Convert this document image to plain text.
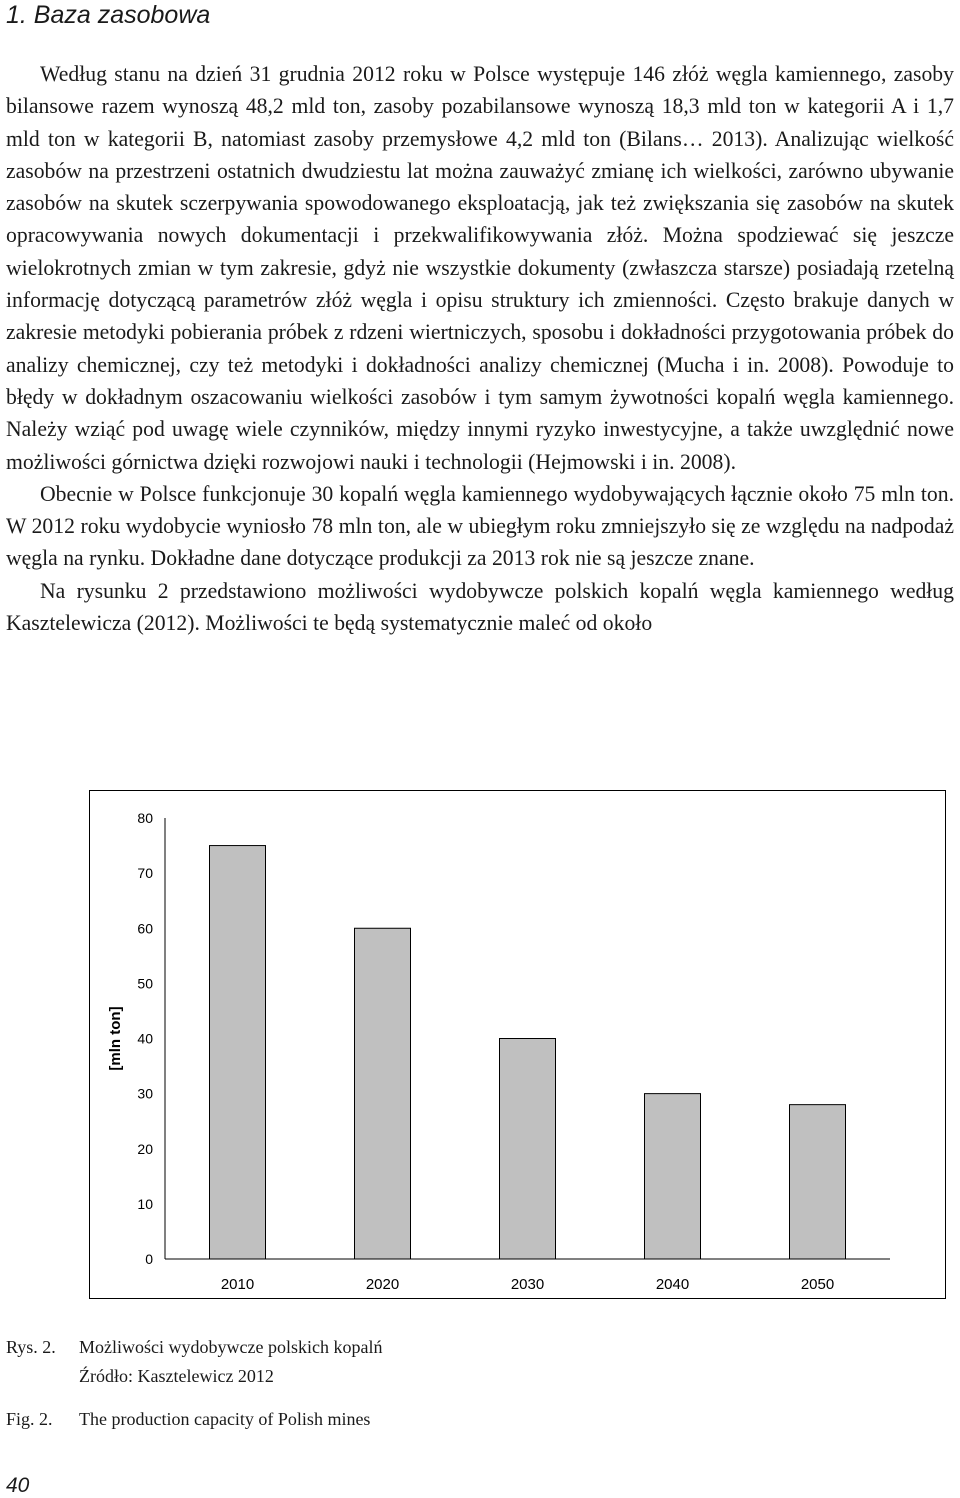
1. Baza zasobowa

Według stanu na dzień 31 grudnia 2012 roku w Polsce występuje 146 złóż węgla kamiennego, zasoby bilansowe razem wynoszą 48,2 mld ton, zasoby pozabilansowe wynoszą 18,3 mld ton w kategorii A i 1,7 mld ton w kategorii B, natomiast zasoby przemysłowe 4,2 mld ton (Bilans… 2013). Analizując wielkość zasobów na przestrzeni ostatnich dwudziestu lat można zauważyć zmianę ich wielkości, zarówno ubywanie zasobów na skutek sczerpywania spowodowanego eksploatacją, jak też zwiększania się zasobów na skutek opracowywania nowych dokumentacji i przekwalifikowywania złóż. Można spodziewać się jeszcze wielokrotnych zmian w tym zakresie, gdyż nie wszystkie dokumenty (zwłaszcza starsze) posiadają rzetelną informację dotyczącą parametrów złóż węgla i opisu struktury ich zmienności. Często brakuje danych w zakresie metodyki pobierania próbek z rdzeni wiertniczych, sposobu i dokładności przygotowania próbek do analizy chemicznej, czy też metodyki i dokładności analizy chemicznej (Mucha i in. 2008). Powoduje to błędy w dokładnym oszacowaniu wielkości zasobów i tym samym żywotności kopalń węgla kamiennego. Należy wziąć pod uwagę wiele czynników, między innymi ryzyko inwestycyjne, a także uwzględnić nowe możliwości górnictwa dzięki rozwojowi nauki i technologii (Hejmowski i in. 2008).

Obecnie w Polsce funkcjonuje 30 kopalń węgla kamiennego wydobywających łącznie około 75 mln ton. W 2012 roku wydobycie wyniosło 78 mln ton, ale w ubiegłym roku zmniejszyło się ze względu na nadpodaż węgla na rynku. Dokładne dane dotyczące produkcji za 2013 rok nie są jeszcze znane.

Na rysunku 2 przedstawiono możliwości wydobywcze polskich kopalń węgla kamiennego według Kasztelewicza (2012). Możliwości te będą systematycznie maleć od około

0
10
20
30
40
50
60
70
80
2010	2020	2030	2040	2050
[mln ton]
Rys. 2. Możliwości wydobywcze polskich kopalń
Źródło: Kasztelewicz 2012
Fig. 2. The production capacity of Polish mines
40
